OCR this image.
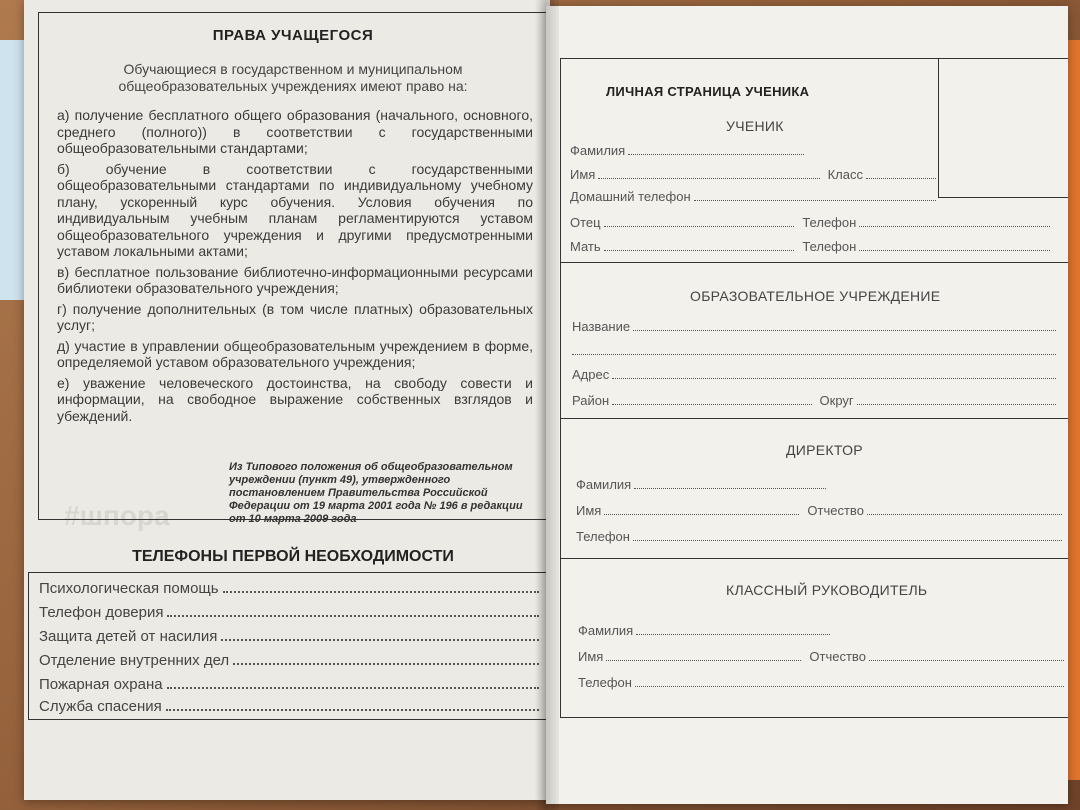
#шпора
ПРАВА УЧАЩЕГОСЯ
Обучающиеся в государственном и муниципальном общеобразовательных учреждениях имеют право на:

а) получение бесплатного общего образования (начального, основного, среднего (полного)) в соответствии с государственными общеобразовательными стандартами;

б) обучение в соответствии с государственными общеобразовательными стандартами по индивидуальному учебному плану, ускоренный курс обучения. Условия обучения по индивидуальным учебным планам регламентируются уставом общеобразовательного учреждения и другими предусмотренными уставом локальными актами;

в) бесплатное пользование библиотечно-информационными ресурсами библиотеки образовательного учреждения;

г) получение дополнительных (в том числе платных) образовательных услуг;

д) участие в управлении общеобразовательным учреждением в форме, определяемой уставом образовательного учреждения;

е) уважение человеческого достоинства, на свободу совести и информации, на свободное выражение собственных взглядов и убеждений.

Из Типового положения об общеобразовательном учреждении (пункт 49), утвержденного постановлением Правительства Российской Федерации от 19 марта 2001 года № 196 в редакции от 10 марта 2009 года
ТЕЛЕФОНЫ ПЕРВОЙ НЕОБХОДИМОСТИ
Психологическая помощь
Телефон доверия
Защита детей от насилия
Отделение внутренних дел
Пожарная охрана
Служба спасения
ЛИЧНАЯ СТРАНИЦА УЧЕНИКА
УЧЕНИК
Фамилия
Имя	Класс
Домашний телефон
Отец	Телефон
Мать	Телефон
ОБРАЗОВАТЕЛЬНОЕ УЧРЕЖДЕНИЕ
Название
Адрес
Район	Округ
ДИРЕКТОР
Фамилия
Имя	Отчество
Телефон
КЛАССНЫЙ РУКОВОДИТЕЛЬ
Фамилия
Имя	Отчество
Телефон
